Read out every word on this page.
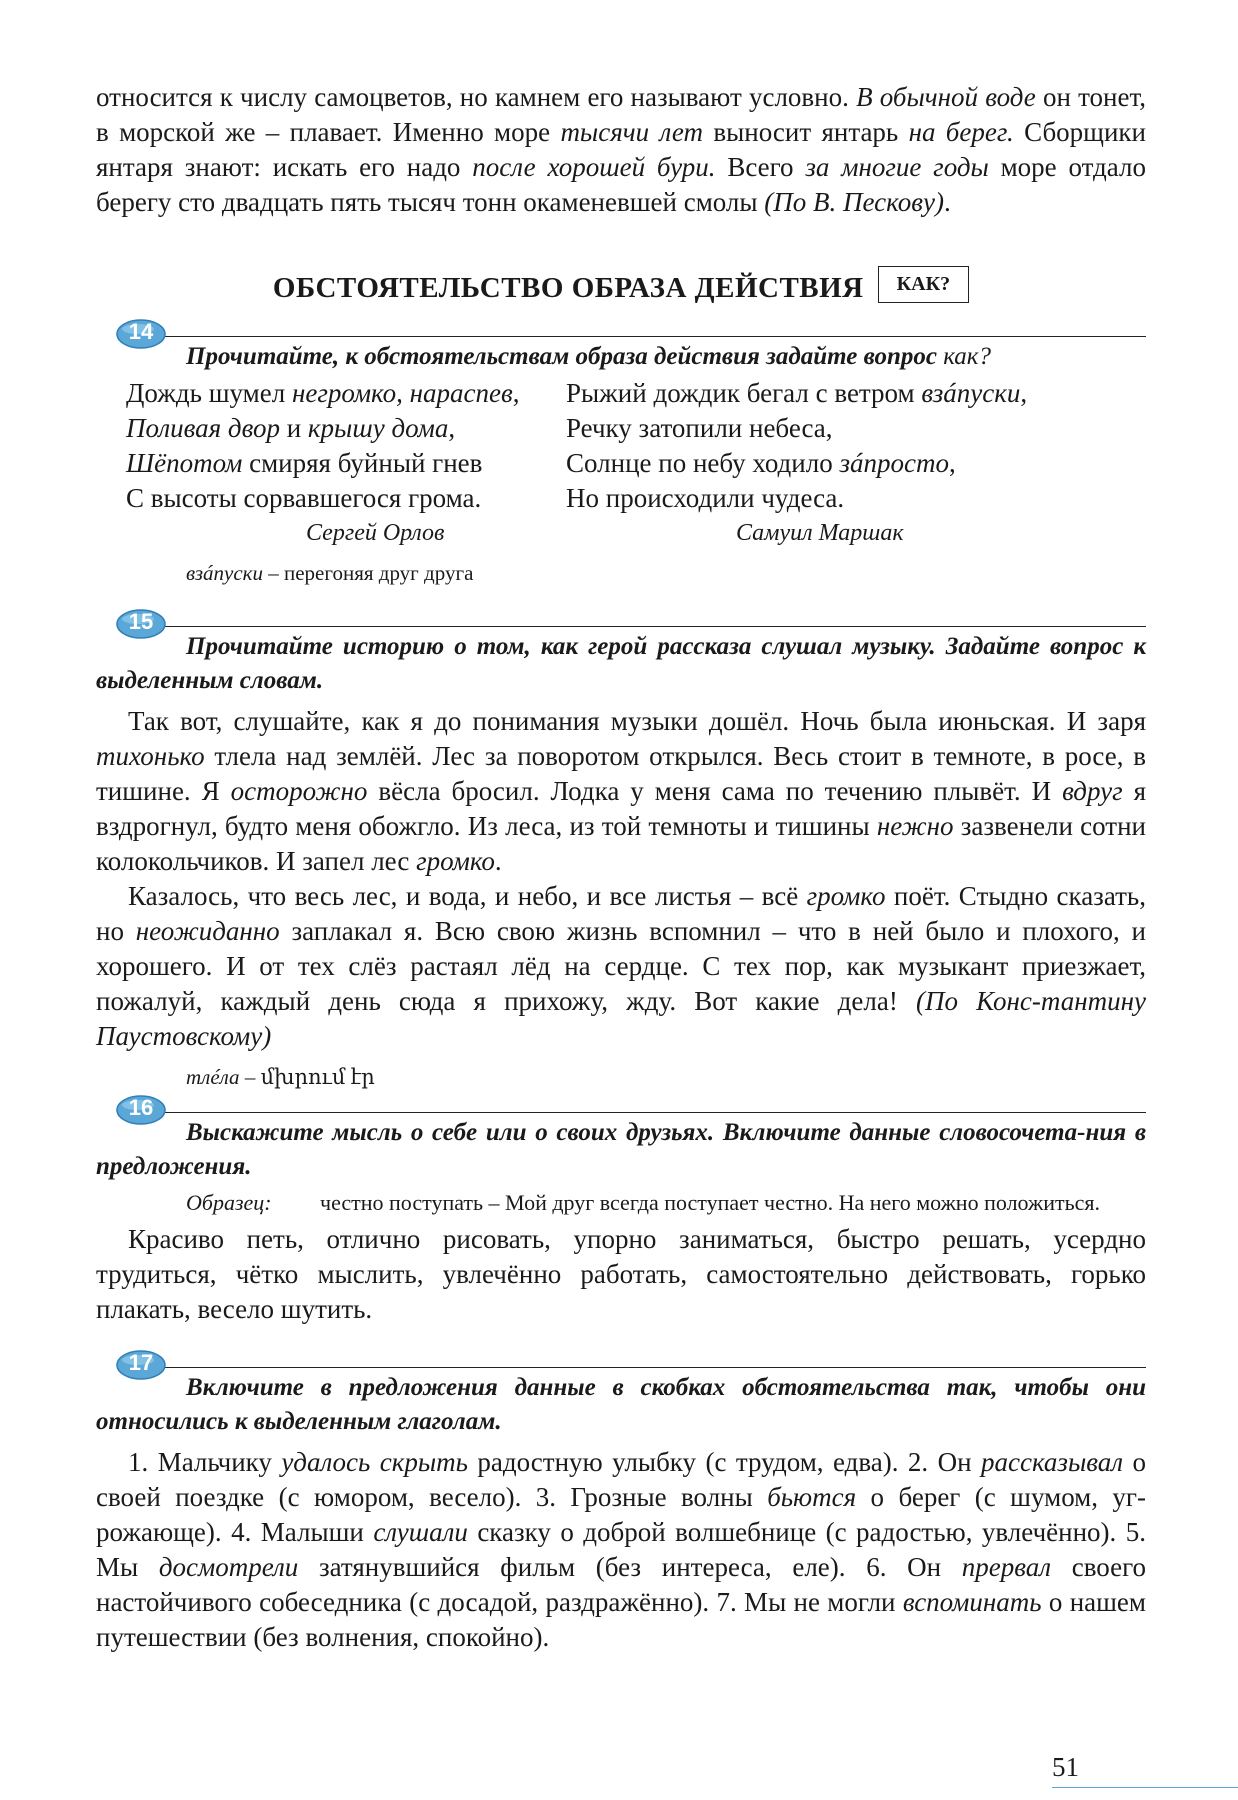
относится к числу самоцветов, но камнем его называют условно. В обычной воде он тонет, в морской же – плавает. Именно море тысячи лет выносит янтарь на берег. Сборщики янтаря знают: искать его надо после хорошей бури. Всего за многие годы море отдало берегу сто двадцать пять тысяч тонн окаменевшей смолы (По В. Пескову).

ОБСТОЯТЕЛЬСТВО ОБРАЗА ДЕЙСТВИЯ КАК?
14

Прочитайте, к обстоятельствам образа действия задайте вопрос как?

Дождь шумел негромко, нараспев,
Поливая двор и крышу дома,
Шёпотом смиряя буйный гнев
С высоты сорвавшегося грома.
Сергей Орлов
Рыжий дождик бегал с ветром взáпуски,
Речку затопили небеса,
Солнце по небу ходило зáпросто,
Но происходили чудеса.
Самуил Маршак
взáпуски – перегоняя друг друга
15

Прочитайте историю о том, как герой рассказа слушал музыку. Задайте вопрос к выделенным словам.

Так вот, слушайте, как я до понимания музыки дошёл. Ночь была июньская. И заря тихонько тлела над землёй. Лес за поворотом открылся. Весь стоит в темноте, в росе, в тишине. Я осторожно вёсла бросил. Лодка у меня сама по течению плывёт. И вдруг я вздрогнул, будто меня обожгло. Из леса, из той темноты и тишины нежно зазвенели сотни колокольчиков. И запел лес громко.

Казалось, что весь лес, и вода, и небо, и все листья – всё громко поёт. Стыдно сказать, но неожиданно заплакал я. Всю свою жизнь вспомнил – что в ней было и плохого, и хорошего. И от тех слёз растаял лёд на сердце. С тех пор, как музыкант приезжает, пожалуй, каждый день сюда я прихожу, жду. Вот какие дела! (По Конс-тантину Паустовскому)

тлéла – մխրում էր
16

Выскажите мысль о себе или о своих друзьях. Включите данные словосочета-ния в предложения.

Образец:	честно поступать – Мой друг всегда поступает честно. На него можно положиться.

Красиво петь, отлично рисовать, упорно заниматься, быстро решать, усердно трудиться, чётко мыслить, увлечённо работать, самостоятельно действовать, горько плакать, весело шутить.

17

Включите в предложения данные в скобках обстоятельства так, чтобы они относились к выделенным глаголам.

1. Мальчику удалось скрыть радостную улыбку (с трудом, едва). 2. Он рассказывал о своей поездке (с юмором, весело). 3. Грозные волны бьются о берег (с шумом, уг-рожающе). 4. Малыши слушали сказку о доброй волшебнице (с радостью, увлечённо). 5. Мы досмотрели затянувшийся фильм (без интереса, еле). 6. Он прервал своего настойчивого собеседника (с досадой, раздражённо). 7. Мы не могли вспоминать о нашем путешествии (без волнения, спокойно).

51
